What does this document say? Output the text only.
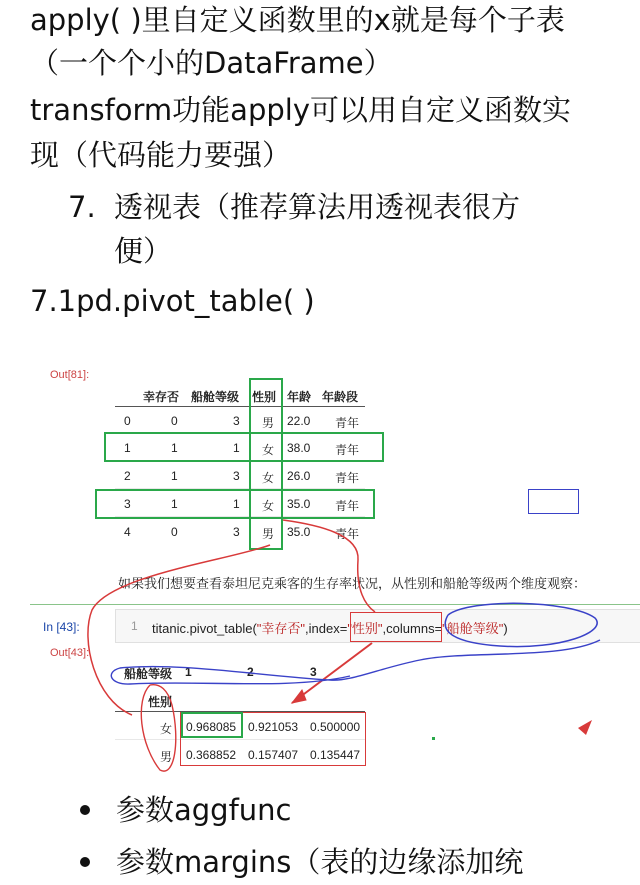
apply( )里自定义函数里的x就是每个子表
（一个个小的DataFrame）
transform功能apply可以用自定义函数实
现（代码能力要强）
7. 透视表（推荐算法用透视表很方
便）
7.1pd.pivot_table( )
Out[81]:
幸存否 船舱等级 性别 年龄 年龄段
0	0	3 男 22.0 青年
1	1	1 女 38.0 青年
2	1	3 女 26.0 青年
3	1	1 女 35.0 青年
4	0	3 男 35.0 青年
如果我们想要查看泰坦尼克乘客的生存率状况，从性别和船舱等级两个维度观察：
In [43]:	1 titanic.pivot_table("幸存否",index="性别",columns="船舱等级")
Out[43]:
船舱等级 1	2	3
性别
女 0.968085 0.921053 0.500000
男 0.368852 0.157407 0.135447
参数aggfunc
参数margins（表的边缘添加统
